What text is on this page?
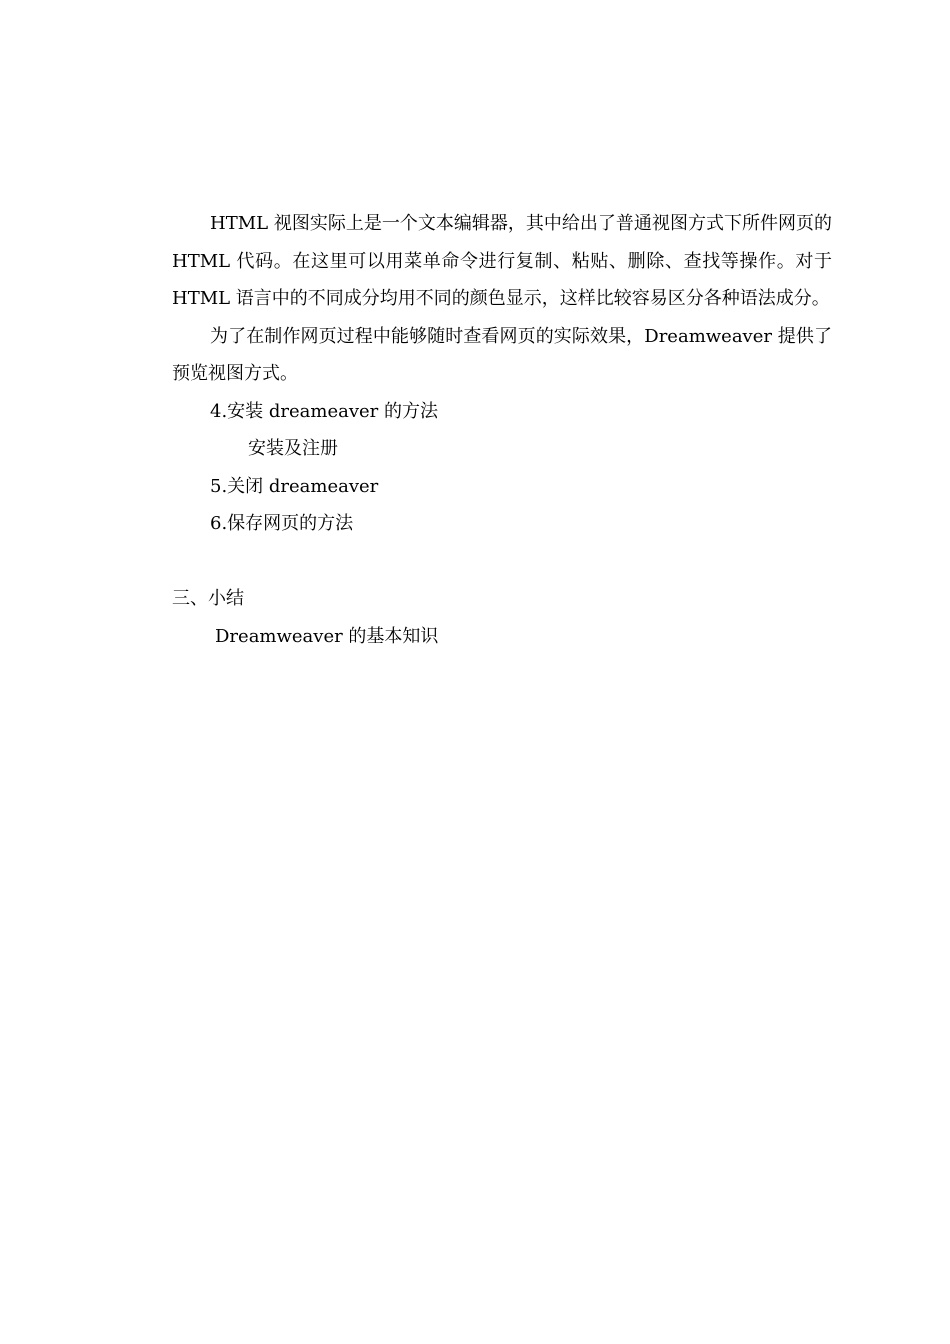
HTML 视图实际上是一个文本编辑器，其中给出了普通视图方式下所件网页的 HTML 代码。在这里可以用菜单命令进行复制、粘贴、删除、查找等操作。对于 HTML 语言中的不同成分均用不同的颜色显示，这样比较容易区分各种语法成分。

为了在制作网页过程中能够随时查看网页的实际效果，Dreamweaver 提供了预览视图方式。

4.安装 dreameaver 的方法

安装及注册

5.关闭 dreameaver

6.保存网页的方法

三、小结

Dreamweaver 的基本知识
